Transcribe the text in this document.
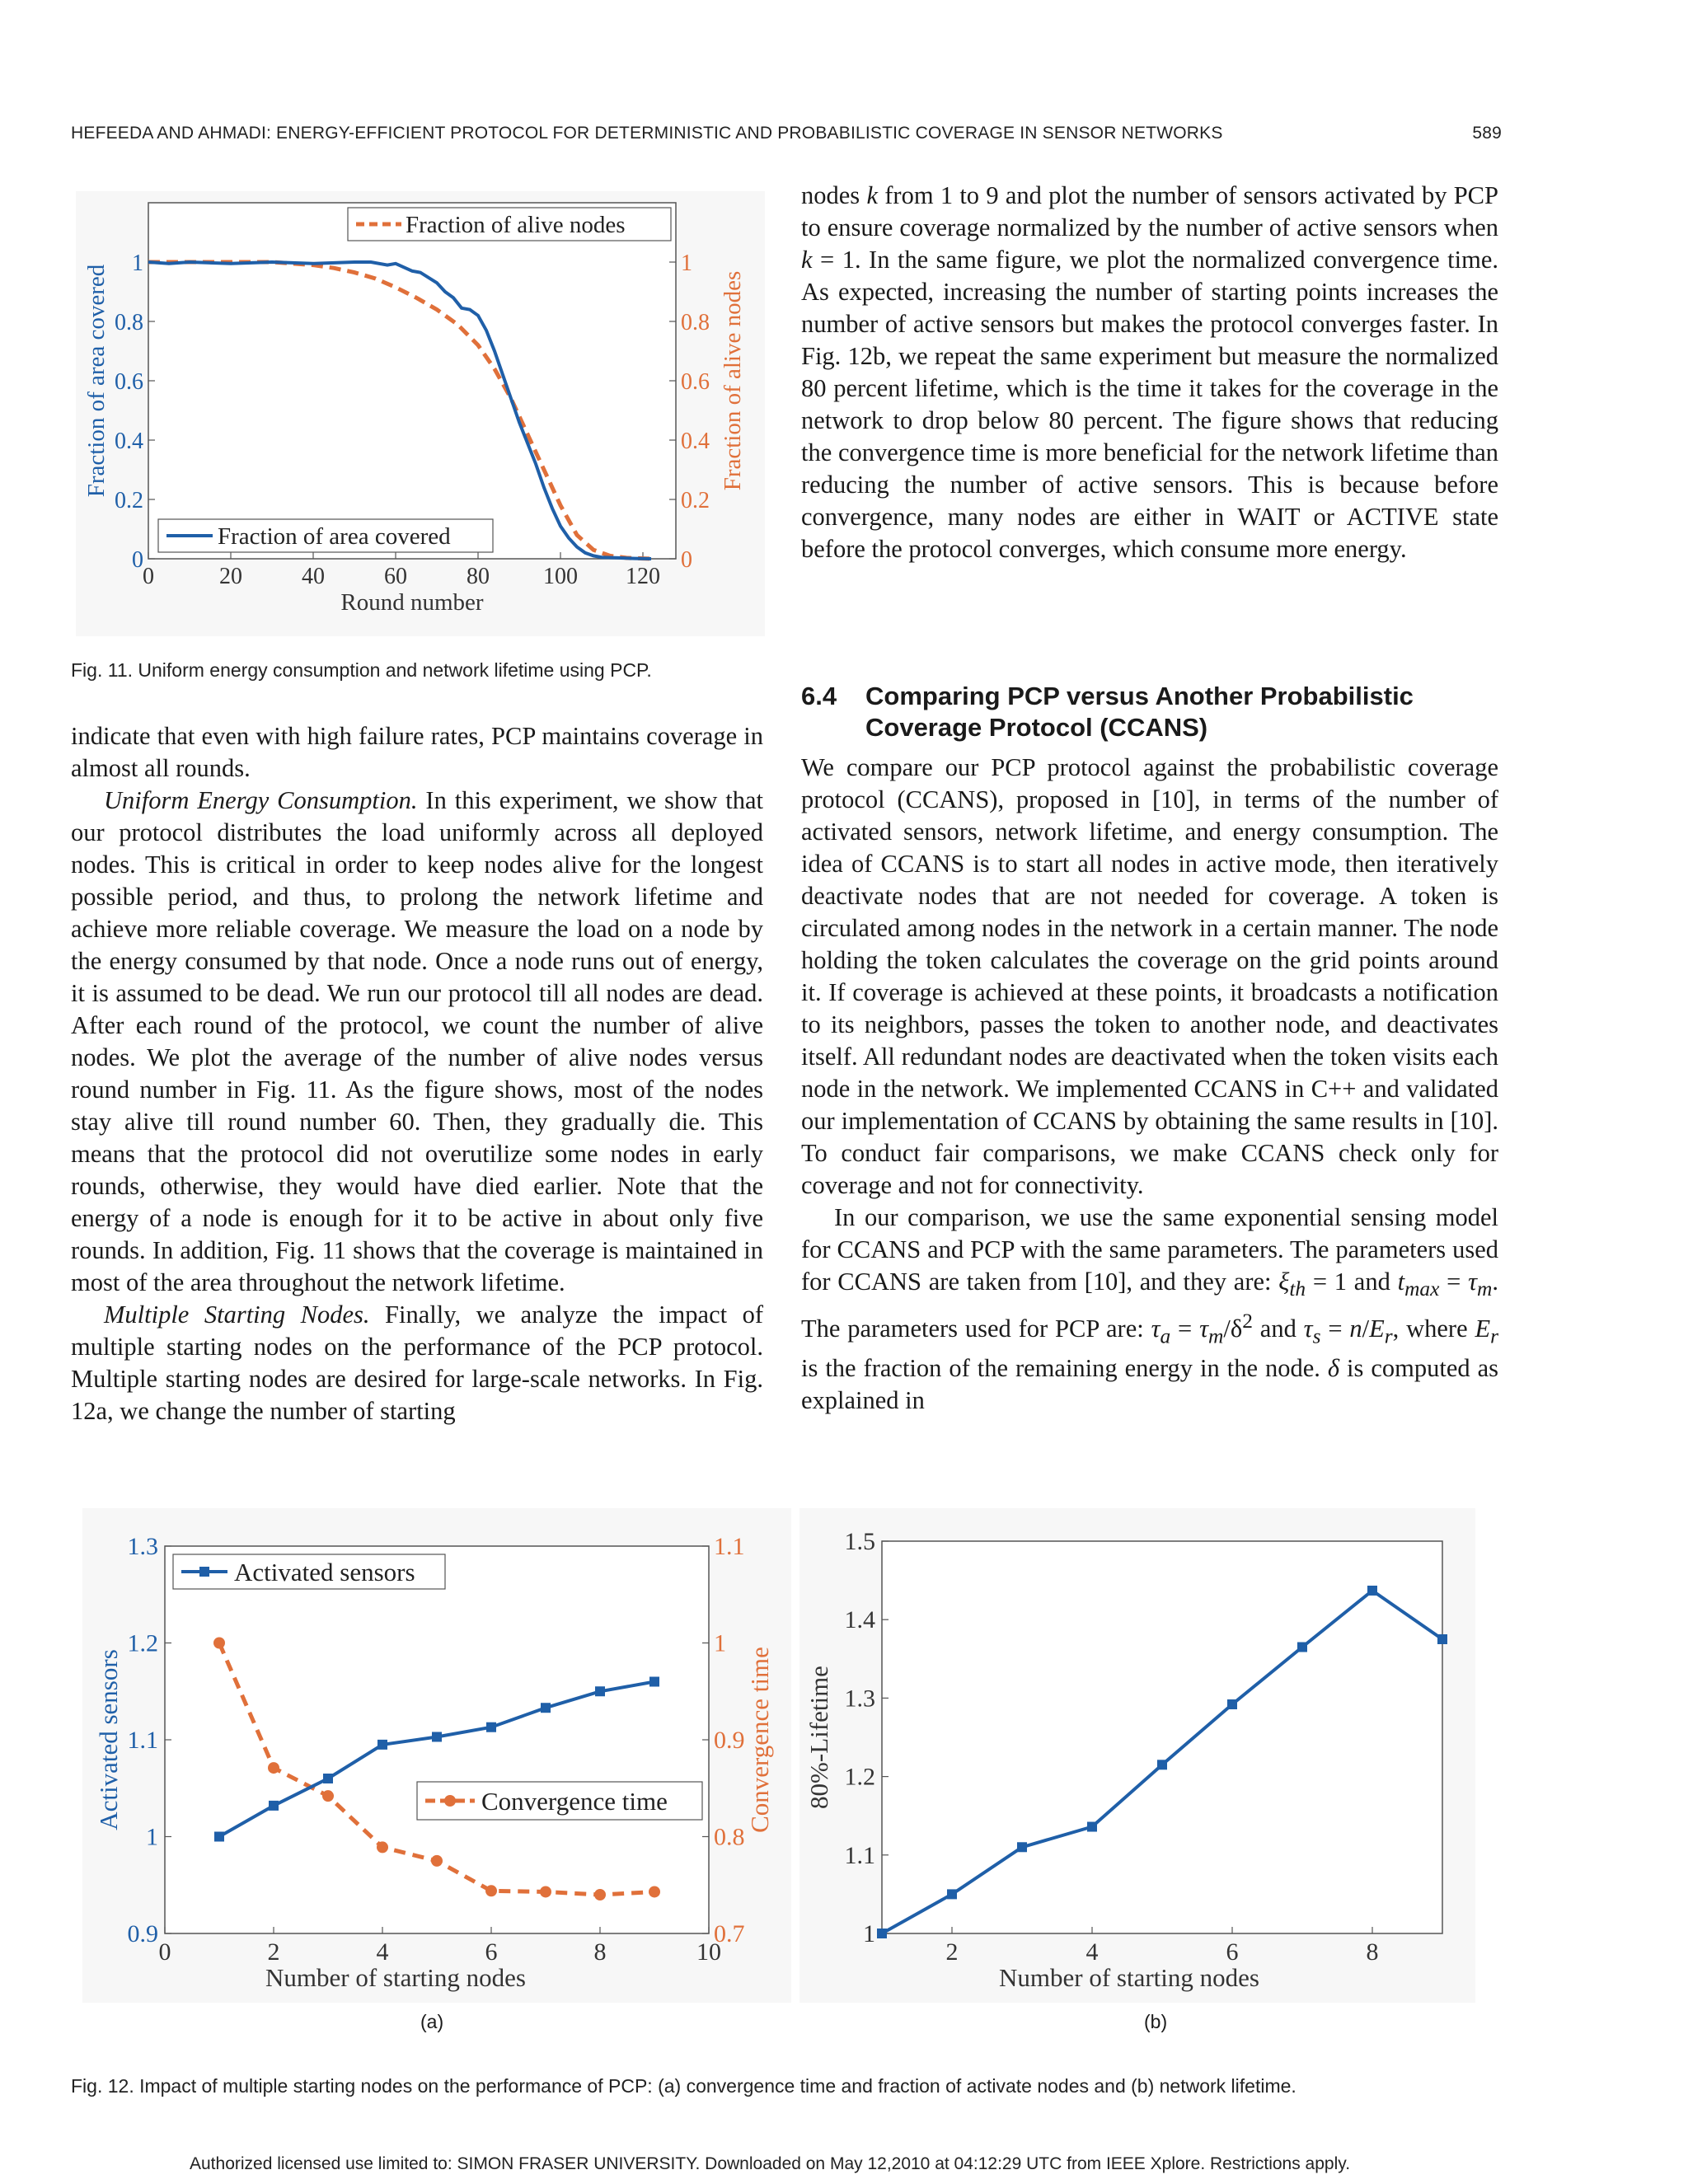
HEFEEDA AND AHMADI: ENERGY-EFFICIENT PROTOCOL FOR DETERMINISTIC AND PROBABILISTIC COVERAGE IN SENSOR NETWORKS	589
0	20	40	60	80 100 120
0
0.2
0.4
0.6
0.8
1
0
0.2
0.4
0.6
0.8
1
Round number
Fraction of area covered	Fraction of alive nodes
Fraction of alive nodes
Fraction of area covered
Fig. 11. Uniform energy consumption and network lifetime using PCP.

indicate that even with high failure rates, PCP maintains coverage in almost all rounds.

Uniform Energy Consumption. In this experiment, we show that our protocol distributes the load uniformly across all deployed nodes. This is critical in order to keep nodes alive for the longest possible period, and thus, to prolong the network lifetime and achieve more reliable coverage. We measure the load on a node by the energy consumed by that node. Once a node runs out of energy, it is assumed to be dead. We run our protocol till all nodes are dead. After each round of the protocol, we count the number of alive nodes. We plot the average of the number of alive nodes versus round number in Fig. 11. As the figure shows, most of the nodes stay alive till round number 60. Then, they gradually die. This means that the protocol did not overutilize some nodes in early rounds, otherwise, they would have died earlier. Note that the energy of a node is enough for it to be active in about only five rounds. In addition, Fig. 11 shows that the coverage is maintained in most of the area throughout the network lifetime.

Multiple Starting Nodes. Finally, we analyze the impact of multiple starting nodes on the performance of the PCP protocol. Multiple starting nodes are desired for large-scale networks. In Fig. 12a, we change the number of starting

nodes k from 1 to 9 and plot the number of sensors activated by PCP to ensure coverage normalized by the number of active sensors when k = 1. In the same figure, we plot the normalized convergence time. As expected, increasing the number of starting points increases the number of active sensors but makes the protocol converges faster. In Fig. 12b, we repeat the same experiment but measure the normalized 80 percent lifetime, which is the time it takes for the coverage in the network to drop below 80 percent. The figure shows that reducing the convergence time is more beneficial for the network lifetime than reducing the number of active sensors. This is because before convergence, many nodes are either in WAIT or ACTIVE state before the protocol converges, which consume more energy.

6.4 Comparing PCP versus Another Probabilistic
Coverage Protocol (CCANS)

We compare our PCP protocol against the probabilistic coverage protocol (CCANS), proposed in [10], in terms of the number of activated sensors, network lifetime, and energy consumption. The idea of CCANS is to start all nodes in active mode, then iteratively deactivate nodes that are not needed for coverage. A token is circulated among nodes in the network in a certain manner. The node holding the token calculates the coverage on the grid points around it. If coverage is achieved at these points, it broadcasts a notification to its neighbors, passes the token to another node, and deactivates itself. All redundant nodes are deactivated when the token visits each node in the network. We implemented CCANS in C++ and validated our implementation of CCANS by obtaining the same results in [10]. To conduct fair comparisons, we make CCANS check only for coverage and not for connectivity.

In our comparison, we use the same exponential sensing model for CCANS and PCP with the same parameters. The parameters used for CCANS are taken from [10], and they are: $\xi_{th} = 1$ and $t_{max} = \tau_m$. The parameters used for PCP are: $\tau_a = \tau_m/\delta^2$ and $\tau_s = n/E_r$, where $E_r$ is the fraction of the remaining energy in the node. δ is computed as explained in

0	2	4	6	8	10
0.9
1
1.1
1.2
1.3
0.7
0.8
0.9
1
1.1
Number of starting nodes
Activated sensors	Convergence time
Activated sensors
Convergence time
2	4	6	8
1
1.1
1.2
1.3
1.4
1.5
Number of starting nodes
80%-Lifetime
(a)	(b)
Fig. 12. Impact of multiple starting nodes on the performance of PCP: (a) convergence time and fraction of activate nodes and (b) network lifetime.
Authorized licensed use limited to: SIMON FRASER UNIVERSITY. Downloaded on May 12,2010 at 04:12:29 UTC from IEEE Xplore. Restrictions apply.
